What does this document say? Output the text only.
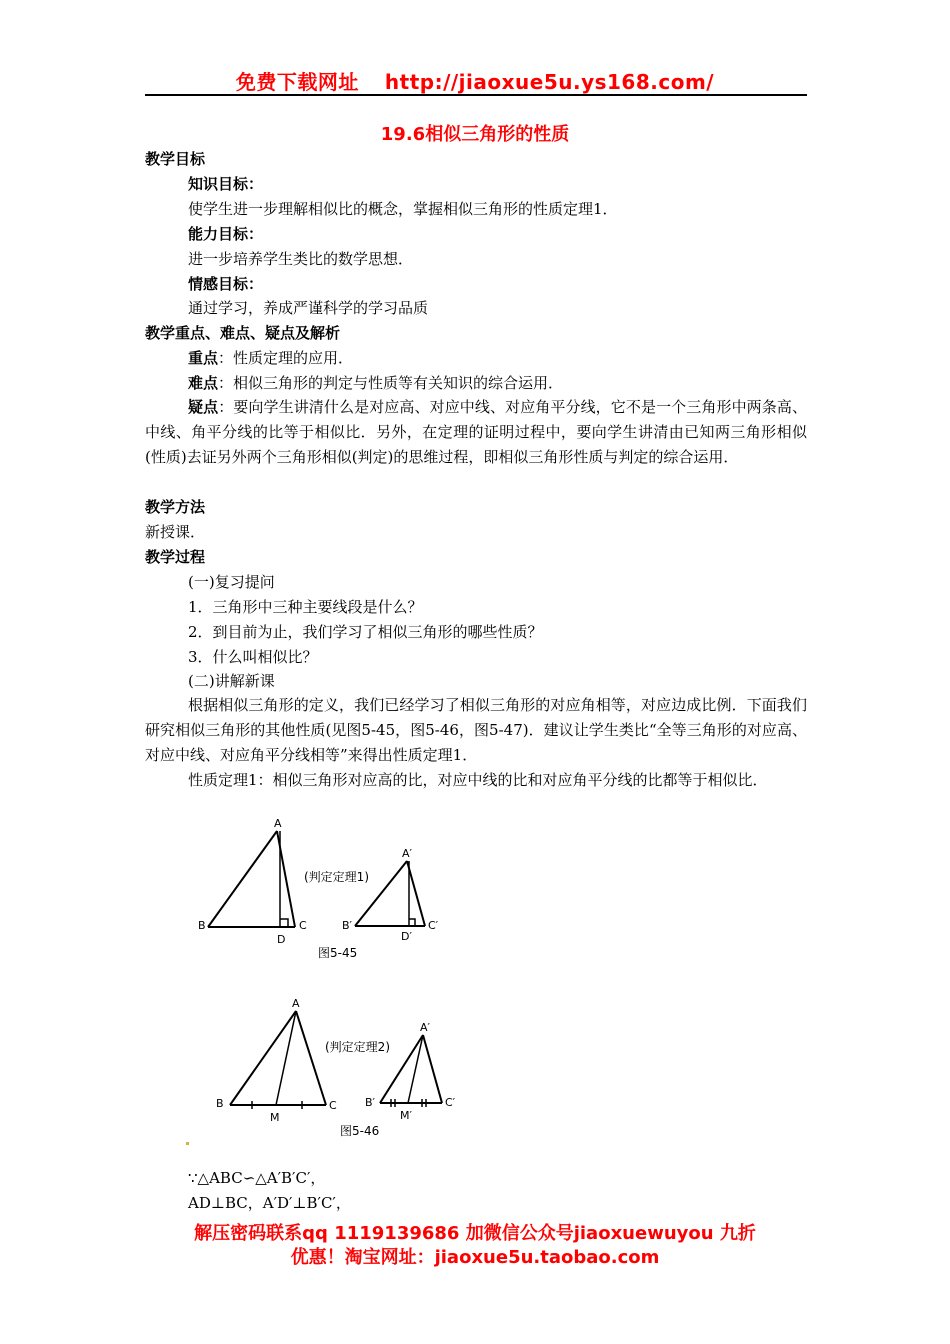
免费下载网址 http://jiaoxue5u.ys168.com/
19.6相似三角形的性质
教学目标
知识目标：
使学生进一步理解相似比的概念，掌握相似三角形的性质定理1．
能力目标：
进一步培养学生类比的数学思想．
情感目标：
通过学习，养成严谨科学的学习品质
教学重点、难点、疑点及解析
重点：性质定理的应用．
难点：相似三角形的判定与性质等有关知识的综合运用．
疑点：要向学生讲清什么是对应高、对应中线、对应角平分线，它不是一个三角形中两条高、中线、角平分线的比等于相似比．另外，在定理的证明过程中，要向学生讲清由已知两三角形相似(性质)去证另外两个三角形相似(判定)的思维过程，即相似三角形性质与判定的综合运用．
教学方法
新授课．
教学过程
(一)复习提问
1．三角形中三种主要线段是什么？
2．到目前为止，我们学习了相似三角形的哪些性质？
3．什么叫相似比？
(二)讲解新课
根据相似三角形的定义，我们已经学习了相似三角形的对应角相等，对应边成比例．下面我们研究相似三角形的其他性质(见图5-45，图5-46，图5-47)．建议让学生类比“全等三角形的对应高、对应中线、对应角平分线相等”来得出性质定理1．
性质定理1：相似三角形对应高的比，对应中线的比和对应角平分线的比都等于相似比．
A
B	C
D
A′
B′	C′
D′
(判定定理1)
图5-45
A
B	C
M
A′
B′	C′
M′
(判定定理2)
图5-46
∵△ABC∽△A′B′C′，
AD⊥BC，A′D′⊥B′C′，
解压密码联系qq 1119139686 加微信公众号jiaoxuewuyou 九折
优惠！淘宝网址：jiaoxue5u.taobao.com
